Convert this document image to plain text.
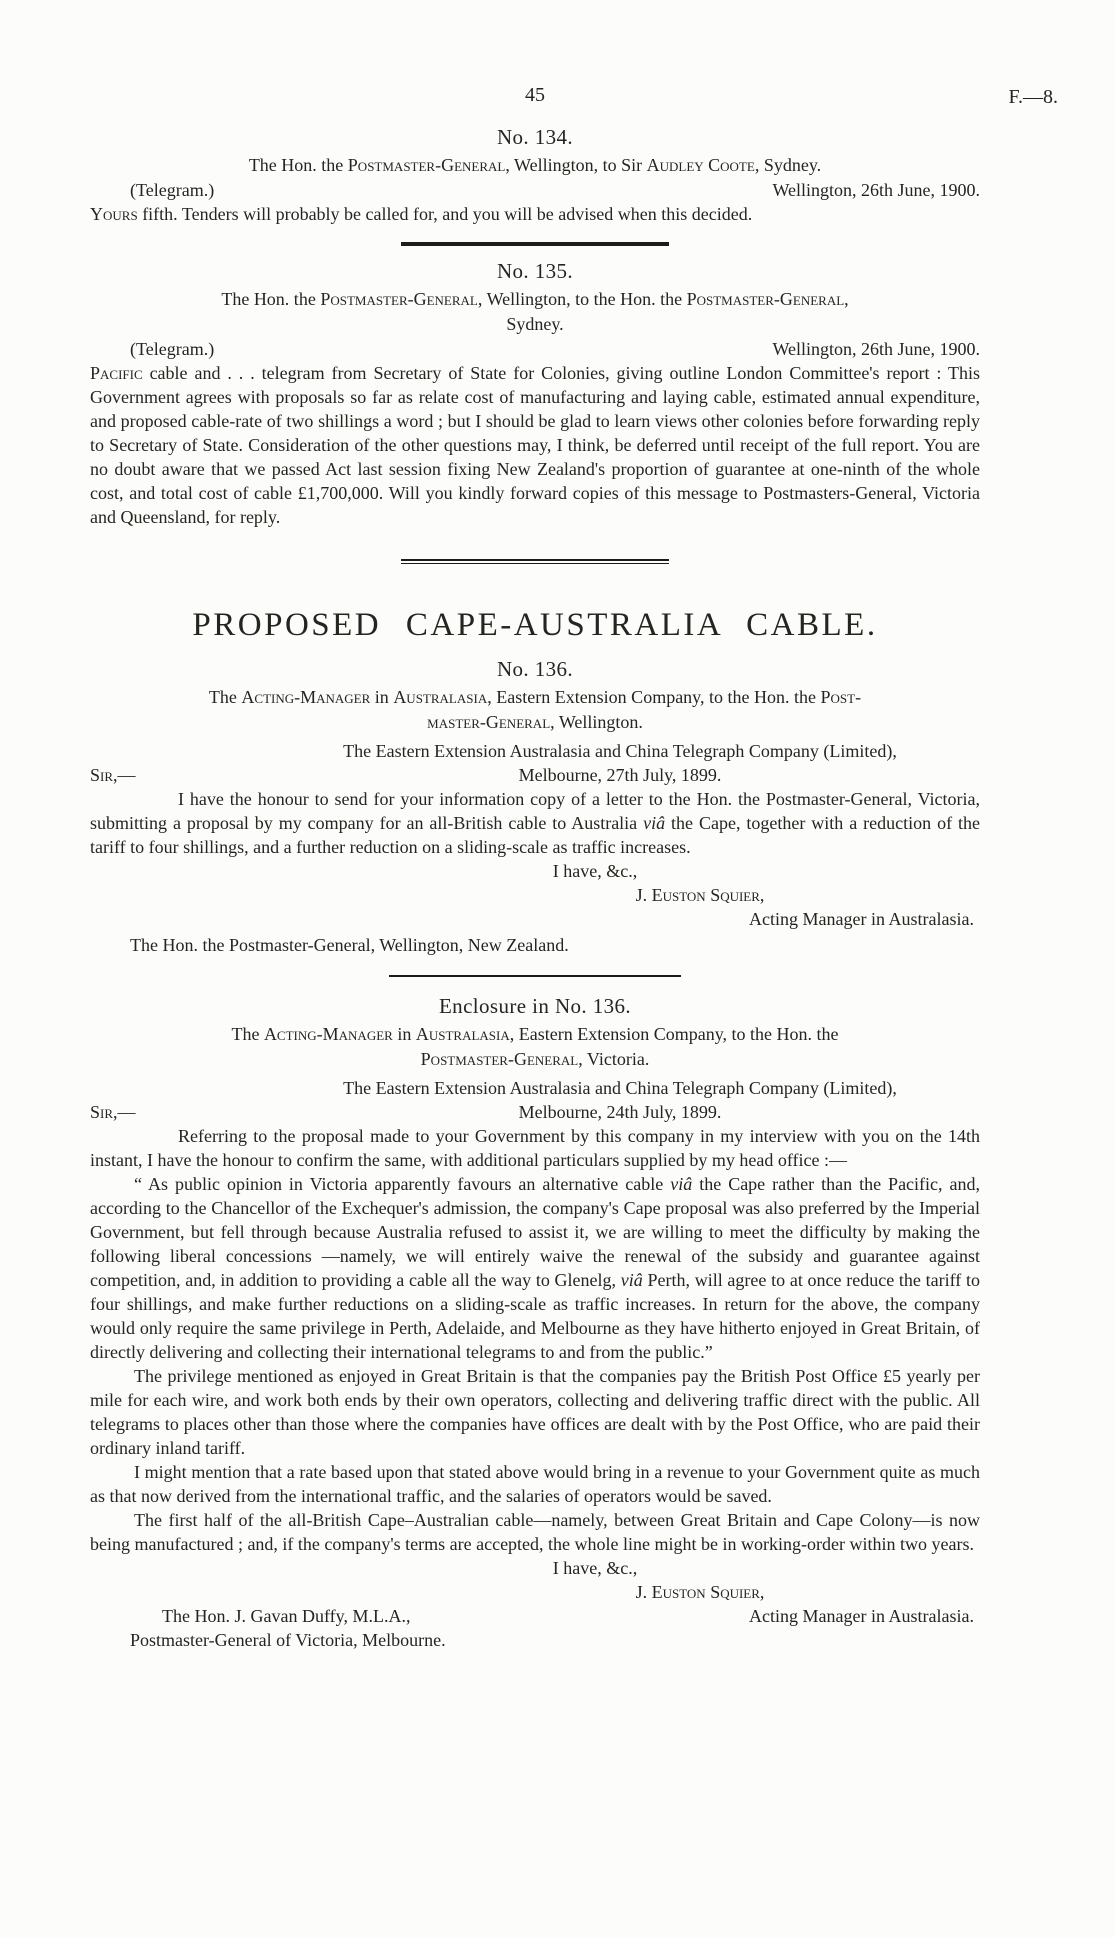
F.—8.
45
No. 134.
The Hon. the Postmaster-General, Wellington, to Sir Audley Coote, Sydney.
(Telegram.)	Wellington, 26th June, 1900.
Yours fifth. Tenders will probably be called for, and you will be advised when this decided.
No. 135.
The Hon. the Postmaster-General, Wellington, to the Hon. the Postmaster-General,
Sydney.
(Telegram.)	Wellington, 26th June, 1900.
Pacific cable and . . . telegram from Secretary of State for Colonies, giving outline London Committee's report : This Government agrees with proposals so far as relate cost of manufacturing and laying cable, estimated annual expenditure, and proposed cable-rate of two shillings a word ; but I should be glad to learn views other colonies before forwarding reply to Secretary of State. Consideration of the other questions may, I think, be deferred until receipt of the full report. You are no doubt aware that we passed Act last session fixing New Zealand's proportion of guarantee at one-ninth of the whole cost, and total cost of cable £1,700,000. Will you kindly forward copies of this message to Postmasters-General, Victoria and Queensland, for reply.
PROPOSED CAPE-AUSTRALIA CABLE.
No. 136.
The Acting-Manager in Australasia, Eastern Extension Company, to the Hon. the Post-
master-General, Wellington.
The Eastern Extension Australasia and China Telegraph Company (Limited),
Sir,—	Melbourne, 27th July, 1899.
I have the honour to send for your information copy of a letter to the Hon. the Postmaster-General, Victoria, submitting a proposal by my company for an all-British cable to Australia viâ the Cape, together with a reduction of the tariff to four shillings, and a further reduction on a sliding-scale as traffic increases.
I have, &c.,
J. Euston Squier,
Acting Manager in Australasia.
The Hon. the Postmaster-General, Wellington, New Zealand.
Enclosure in No. 136.
The Acting-Manager in Australasia, Eastern Extension Company, to the Hon. the
Postmaster-General, Victoria.
The Eastern Extension Australasia and China Telegraph Company (Limited),
Sir,—	Melbourne, 24th July, 1899.
Referring to the proposal made to your Government by this company in my interview with you on the 14th instant, I have the honour to confirm the same, with additional particulars supplied by my head office :—
“ As public opinion in Victoria apparently favours an alternative cable viâ the Cape rather than the Pacific, and, according to the Chancellor of the Exchequer's admission, the company's Cape proposal was also preferred by the Imperial Government, but fell through because Australia refused to assist it, we are willing to meet the difficulty by making the following liberal concessions —namely, we will entirely waive the renewal of the subsidy and guarantee against competition, and, in addition to providing a cable all the way to Glenelg, viâ Perth, will agree to at once reduce the tariff to four shillings, and make further reductions on a sliding-scale as traffic increases. In return for the above, the company would only require the same privilege in Perth, Adelaide, and Melbourne as they have hitherto enjoyed in Great Britain, of directly delivering and collecting their international telegrams to and from the public.”
The privilege mentioned as enjoyed in Great Britain is that the companies pay the British Post Office £5 yearly per mile for each wire, and work both ends by their own operators, collecting and delivering traffic direct with the public. All telegrams to places other than those where the companies have offices are dealt with by the Post Office, who are paid their ordinary inland tariff.
I might mention that a rate based upon that stated above would bring in a revenue to your Government quite as much as that now derived from the international traffic, and the salaries of operators would be saved.
The first half of the all-British Cape–Australian cable—namely, between Great Britain and Cape Colony—is now being manufactured ; and, if the company's terms are accepted, the whole line might be in working-order within two years.
I have, &c.,
J. Euston Squier,
The Hon. J. Gavan Duffy, M.L.A.,	Acting Manager in Australasia.
Postmaster-General of Victoria, Melbourne.
